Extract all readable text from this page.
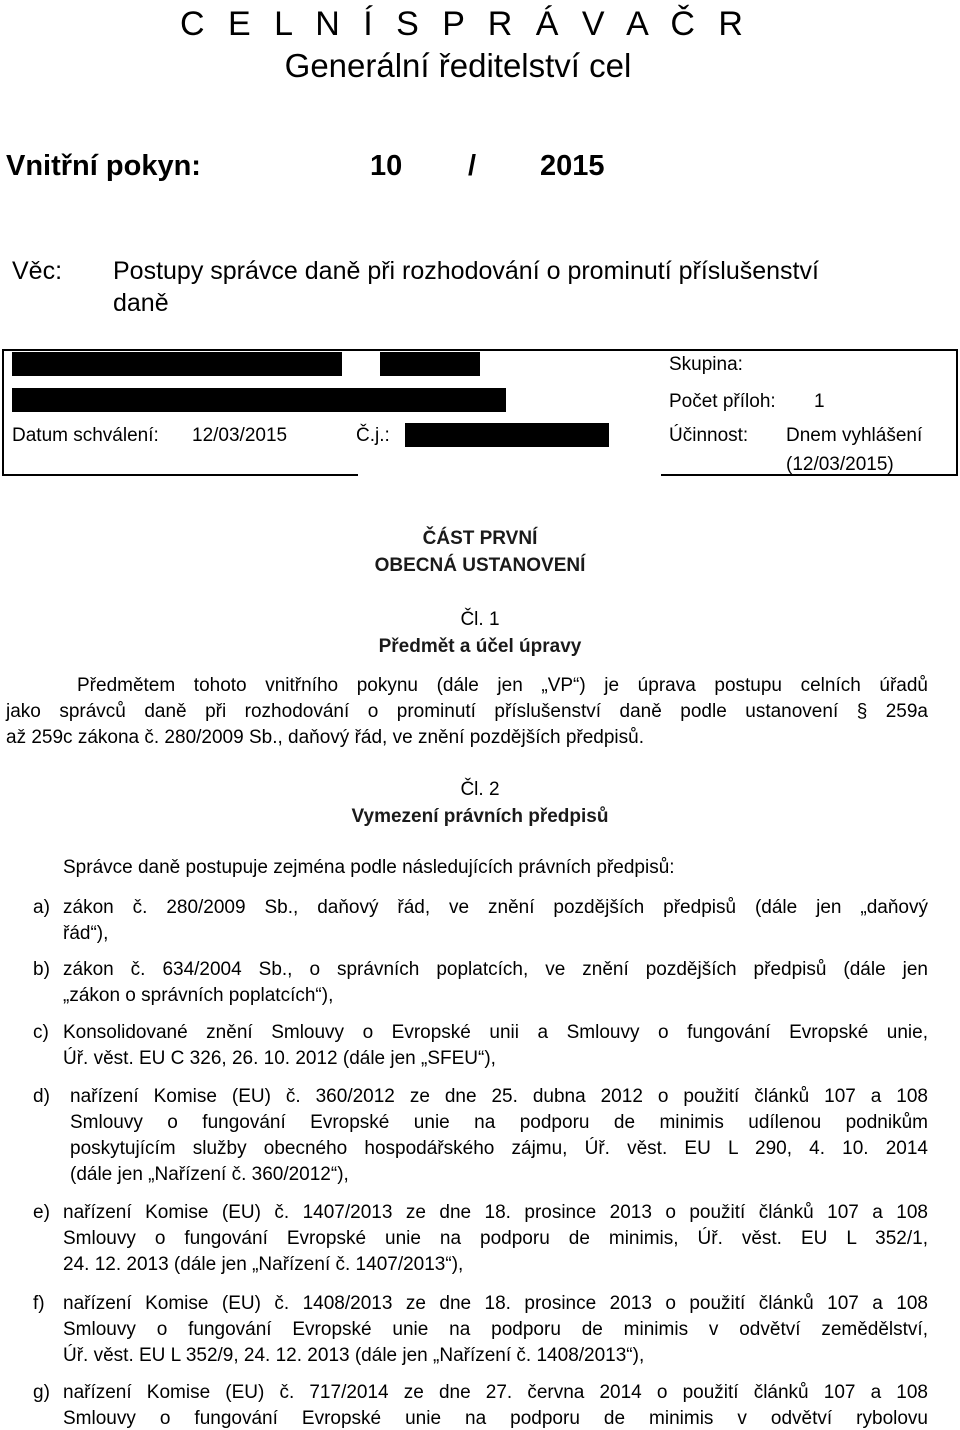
C E L N Í S P R Á V A Č R
Generální ředitelství cel
Vnitřní pokyn:	10 / 2015
Věc: Postupy správce daně při rozhodování o prominutí příslušenství
daně
Skupina:
Počet příloh: 1
Datum schválení: 12/03/2015	Č.j.:	Účinnost: Dnem vyhlášení
(12/03/2015)
ČÁST PRVNÍ
OBECNÁ USTANOVENÍ
Čl. 1
Předmět a účel úpravy
Předmětem tohoto vnitřního pokynu (dále jen „VP“) je úprava postupu celních úřadů
jako správců daně při rozhodování o prominutí příslušenství daně podle ustanovení § 259a
až 259c zákona č. 280/2009 Sb., daňový řád, ve znění pozdějších předpisů.
Čl. 2
Vymezení právních předpisů
Správce daně postupuje zejména podle následujících právních předpisů:
a) zákon č. 280/2009 Sb., daňový řád, ve znění pozdějších předpisů (dále jen „daňový
řád“),
b) zákon č. 634/2004 Sb., o správních poplatcích, ve znění pozdějších předpisů (dále jen
„zákon o správních poplatcích“),
c) Konsolidované znění Smlouvy o Evropské unii a Smlouvy o fungování Evropské unie,
Úř. věst. EU C 326, 26. 10. 2012 (dále jen „SFEU“),
d) nařízení Komise (EU) č. 360/2012 ze dne 25. dubna 2012 o použití článků 107 a 108
Smlouvy o fungování Evropské unie na podporu de minimis udílenou podnikům
poskytujícím služby obecného hospodářského zájmu, Úř. věst. EU L 290, 4. 10. 2014
(dále jen „Nařízení č. 360/2012“),
e) nařízení Komise (EU) č. 1407/2013 ze dne 18. prosince 2013 o použití článků 107 a 108
Smlouvy o fungování Evropské unie na podporu de minimis, Úř. věst. EU L 352/1,
24. 12. 2013 (dále jen „Nařízení č. 1407/2013“),
f) nařízení Komise (EU) č. 1408/2013 ze dne 18. prosince 2013 o použití článků 107 a 108
Smlouvy o fungování Evropské unie na podporu de minimis v odvětví zemědělství,
Úř. věst. EU L 352/9, 24. 12. 2013 (dále jen „Nařízení č. 1408/2013“),
g) nařízení Komise (EU) č. 717/2014 ze dne 27. června 2014 o použití článků 107 a 108
Smlouvy o fungování Evropské unie na podporu de minimis v odvětví rybolovu
